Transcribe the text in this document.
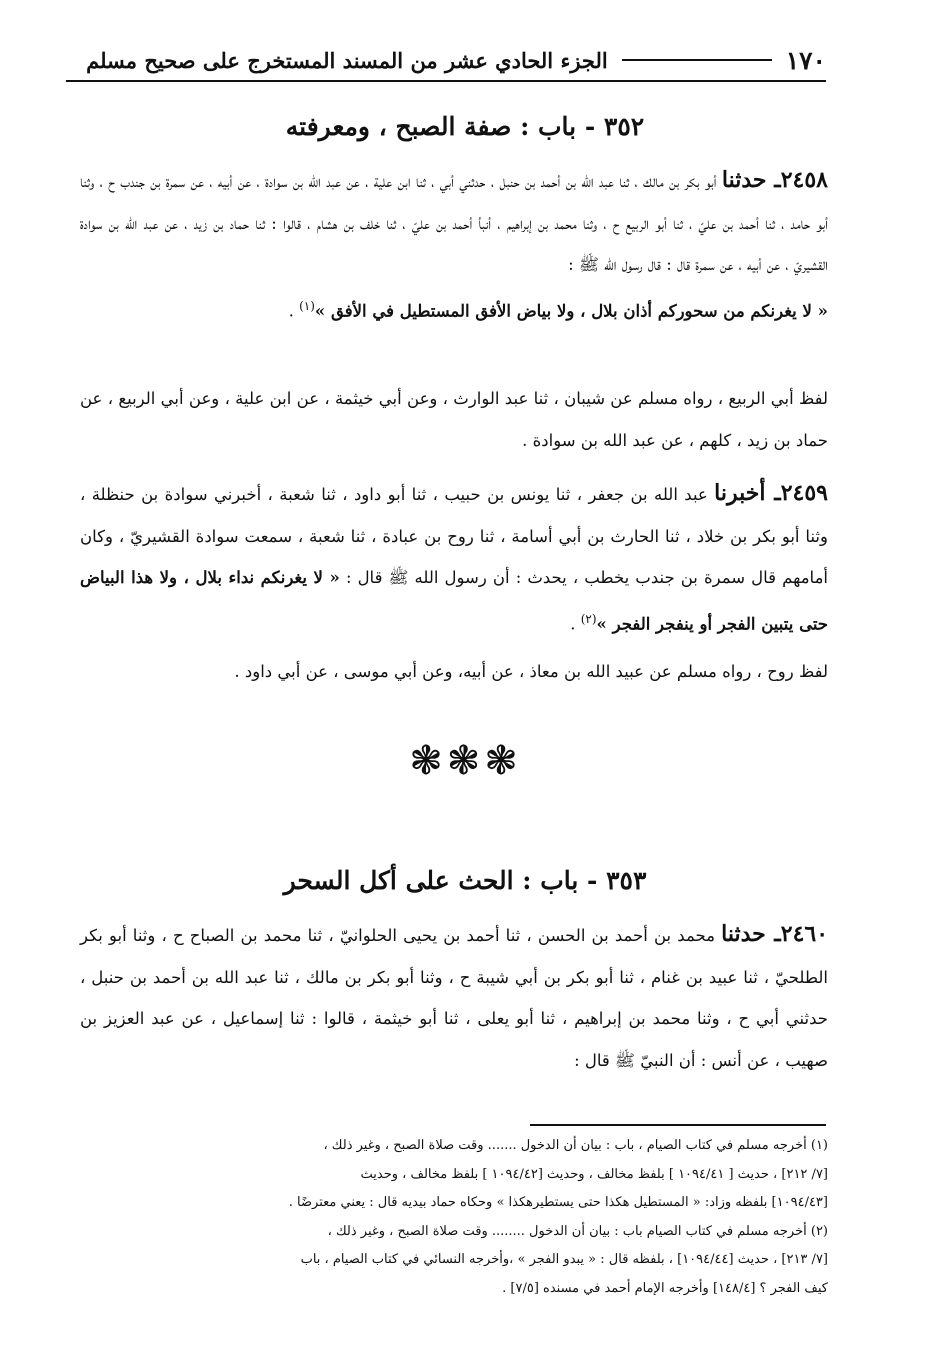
١٧٠
الجزء الحادي عشر من المسند المستخرج على صحيح مسلم
٣٥٢ - باب : صفة الصبح ، ومعرفته
٢٤٥٨ـ حدثنا أبو بكر بن مالك ، ثنا عبد الله بن أحمد بن حنبل ، حدثني أبي ، ثنا ابن علية ، عن عبد الله بن سوادة ، عن أبيه ، عن سمرة بن جندب ح ، وثنا أبو حامد ، ثنا أحمد بن عليّ ، ثنا أبو الربيع ح ، وثنا محمد بن إبراهيم ، أنبأ أحمد بن عليّ ، ثنا خلف بن هشام ، قالوا : ثنا حماد بن زيد ، عن عبد الله بن سوادة القشيريّ ، عن أبيه ، عن سمرة قال : قال رسول الله ﷺ :
« لا يغرنكم من سحوركم أذان بلال ، ولا بياض الأفق المستطيل في الأفق »$^{(١)}$ .
لفظ أبي الربيع ، رواه مسلم عن شيبان ، ثنا عبد الوارث ، وعن أبي خيثمة ، عن ابن علية ، وعن أبي الربيع ، عن حماد بن زيد ، كلهم ، عن عبد الله بن سوادة .
٢٤٥٩ـ أخبرنا عبد الله بن جعفر ، ثنا يونس بن حبيب ، ثنا أبو داود ، ثنا شعبة ، أخبرني سوادة بن حنظلة ، وثنا أبو بكر بن خلاد ، ثنا الحارث بن أبي أسامة ، ثنا روح بن عبادة ، ثنا شعبة ، سمعت سوادة القشيريّ ، وكان أمامهم قال سمرة بن جندب يخطب ، يحدث : أن رسول الله ﷺ قال : « لا يغرنكم نداء بلال ، ولا هذا البياض حتى يتبين الفجر أو ينفجر الفجر »$^{(٢)}$ .
لفظ روح ، رواه مسلم عن عبيد الله بن معاذ ، عن أبيه، وعن أبي موسى ، عن أبي داود .
❃❃❃
٣٥٣ - باب : الحث على أكل السحر
٢٤٦٠ـ حدثنا محمد بن أحمد بن الحسن ، ثنا أحمد بن يحيى الحلوانيّ ، ثنا محمد بن الصباح ح ، وثنا أبو بكر الطلحيّ ، ثنا عبيد بن غنام ، ثنا أبو بكر بن أبي شيبة ح ، وثنا أبو بكر بن مالك ، ثنا عبد الله بن أحمد بن حنبل ، حدثني أبي ح ، وثنا محمد بن إبراهيم ، ثنا أبو يعلى ، ثنا أبو خيثمة ، قالوا : ثنا إسماعيل ، عن عبد العزيز بن صهيب ، عن أنس : أن النبيّ ﷺ قال :

(١) أخرجه مسلم في كتاب الصيام ، باب : بيان أن الدخول ....... وقت صلاة الصبح ، وغير ذلك ،

[٧/ ٢١٢] ، حديث [ ١٠٩٤/٤١ ] بلفظ مخالف ، وحديث [١٠٩٤/٤٢ ] بلفظ مخالف ، وحديث

[١٠٩٤/٤٣] بلفظه وزاد: « المستطيل هكذا حتى يستطيرهكذا » وحكاه حماد بيديه قال : يعني معترضًا .

(٢) أخرجه مسلم في كتاب الصيام باب : بيان أن الدخول ........ وقت صلاة الصبح ، وغير ذلك ،

[٧/ ٢١٣] ، حديث [١٠٩٤/٤٤] ، بلفظه قال : « يبدو الفجر » ،وأخرجه النسائي في كتاب الصيام ، باب

كيف الفجر ؟ [١٤٨/٤] وأخرجه الإمام أحمد في مسنده [٧/٥] .
